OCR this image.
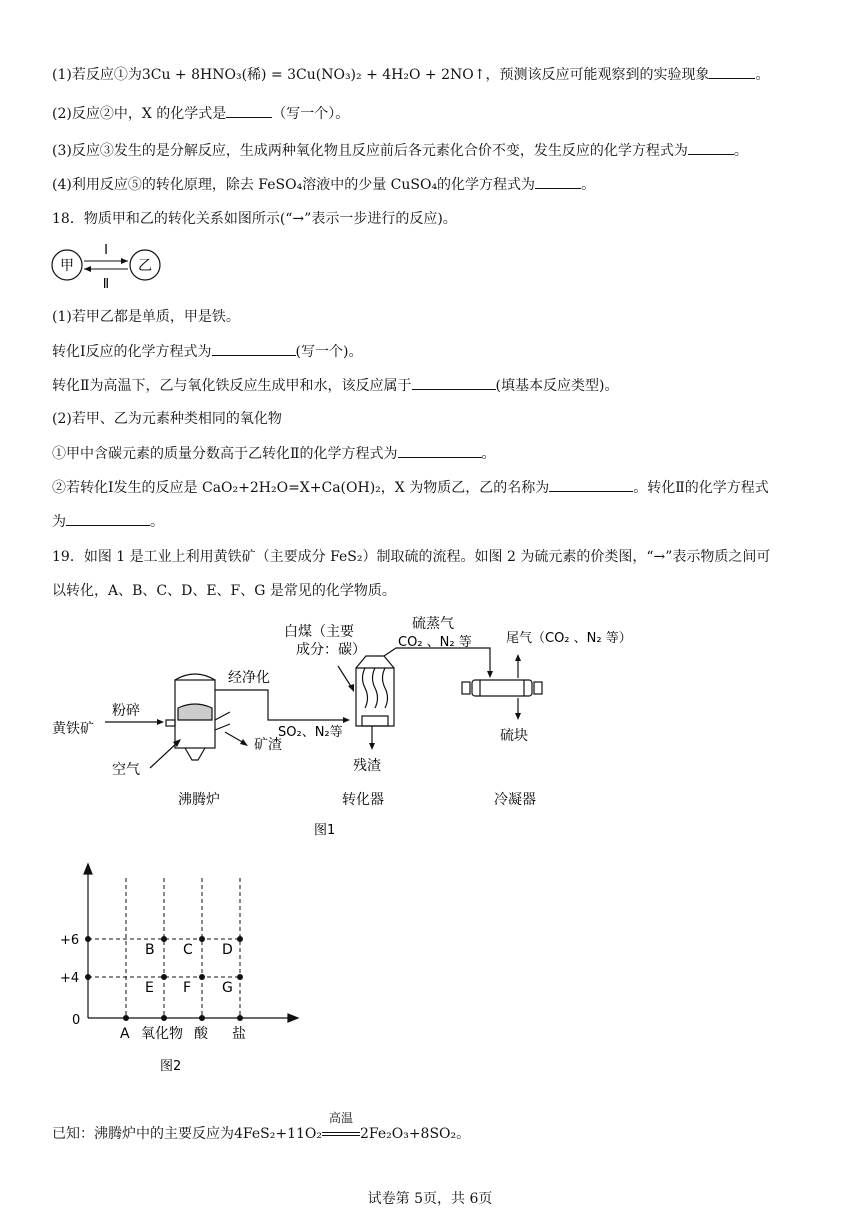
(1)若反应①为3Cu + 8HNO₃(稀) = 3Cu(NO₃)₂ + 4H₂O + 2NO↑，预测该反应可能观察到的实验现象	。
(2)反应②中，X 的化学式是	（写一个）。
(3)反应③发生的是分解反应，生成两种氧化物且反应前后各元素化合价不变，发生反应的化学方程式为	。
(4)利用反应⑤的转化原理，除去 FeSO₄溶液中的少量 CuSO₄的化学方程式为	。
18．物质甲和乙的转化关系如图所示(“→”表示一步进行的反应)。
甲	乙
I
Ⅱ
(1)若甲乙都是单质，甲是铁。
转化Ⅰ反应的化学方程式为	(写一个)。
转化Ⅱ为高温下，乙与氧化铁反应生成甲和水，该反应属于	(填基本反应类型)。
(2)若甲、乙为元素种类相同的氧化物
①甲中含碳元素的质量分数高于乙转化Ⅱ的化学方程式为	。
②若转化Ⅰ发生的反应是 CaO₂+2H₂O=X+Ca(OH)₂，X 为物质乙，乙的名称为	。转化Ⅱ的化学方程式
为	。
19．如图 1 是工业上利用黄铁矿（主要成分 FeS₂）制取硫的流程。如图 2 为硫元素的价类图，“→”表示物质之间可
以转化，A、B、C、D、E、F、G 是常见的化学物质。
黄铁矿
粉碎
空气
矿渣
经净化
SO₂、N₂等
白煤（主要
成分：碳）
残渣
硫蒸气
CO₂ 、N₂ 等	尾气（CO₂ 、N₂ 等）
硫块
沸腾炉	转化器	冷凝器
图1
+6
+4
0
B C D
E F G
A 氧化物 酸 盐
图2
已知：沸腾炉中的主要反应为4FeS₂+11O₂
高温
2Fe₂O₃+8SO₂。
试卷第 5页，共 6页
